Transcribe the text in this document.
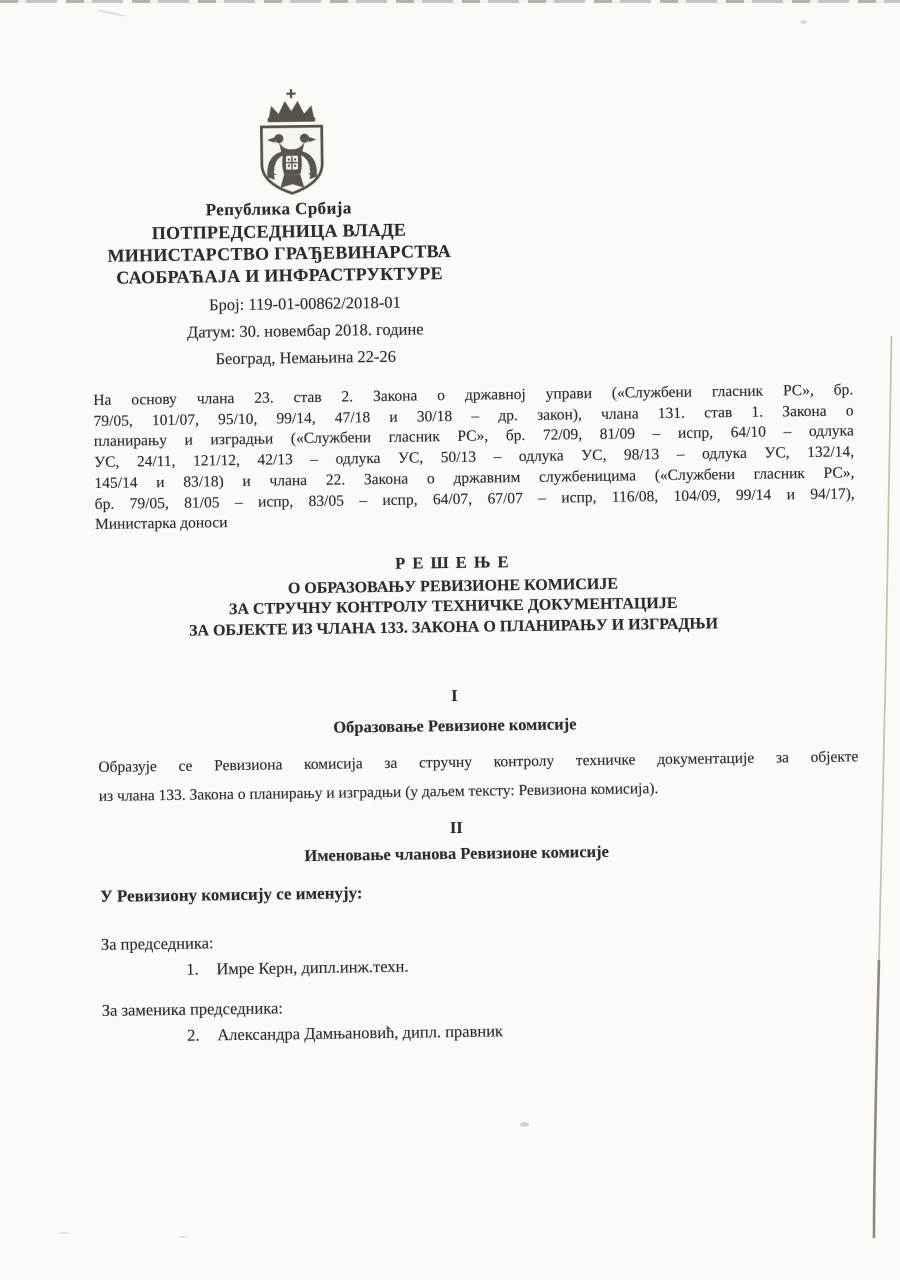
Република Србија
ПОТПРЕДСЕДНИЦА ВЛАДЕ
МИНИСТАРСТВО ГРАЂЕВИНАРСТВА
САОБРАЋАЈА И ИНФРАСТРУКТУРЕ
Број: 119-01-00862/2018-01
Датум: 30. новембар 2018. године
Београд, Немањина 22-26
На основу члана 23. став 2. Закона о државној управи («Службени гласник РС», бр.
79/05, 101/07, 95/10, 99/14, 47/18 и 30/18 – др. закон), члана 131. став 1. Закона о
планирању и изградњи («Службени гласник РС», бр. 72/09, 81/09 – испр, 64/10 – одлука
УС, 24/11, 121/12, 42/13 – одлука УС, 50/13 – одлука УС, 98/13 – одлука УС, 132/14,
145/14 и 83/18) и члана 22. Закона о државним службеницима («Службени гласник РС»,
бр. 79/05, 81/05 – испр, 83/05 – испр, 64/07, 67/07 – испр, 116/08, 104/09, 99/14 и 94/17),
Министарка доноси
Р Е Ш Е Њ Е
О ОБРАЗОВАЊУ РЕВИЗИОНЕ КОМИСИЈЕ
ЗА СТРУЧНУ КОНТРОЛУ ТЕХНИЧКЕ ДОКУМЕНТАЦИЈЕ
ЗА ОБЈЕКТЕ ИЗ ЧЛАНА 133. ЗАКОНА О ПЛАНИРАЊУ И ИЗГРАДЊИ
I
Образовање Ревизионе комисије
Образује се Ревизиона комисија за стручну контролу техничке документације за објекте
из члана 133. Закона о планирању и изградњи (у даљем тексту: Ревизиона комисија).
II
Именовање чланова Ревизионе комисије
У Ревизиону комисију се именују:
За председника:
1. Имре Керн, дипл.инж.техн.
За заменика председника:
2. Александра Дамњановић, дипл. правник
